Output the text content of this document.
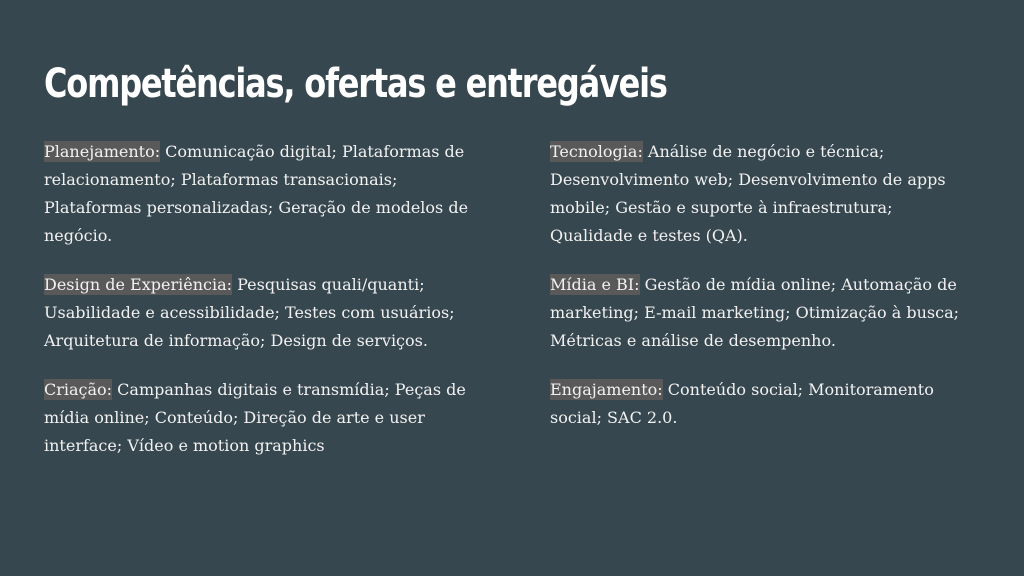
Competências, ofertas e entregáveis

Planejamento: Comunicação digital; Plataformas de relacionamento; Plataformas transacionais; Plataformas personalizadas; Geração de modelos de negócio.

Design de Experiência: Pesquisas quali/quanti; Usabilidade e acessibilidade; Testes com usuários; Arquitetura de informação; Design de serviços.

Criação: Campanhas digitais e transmídia; Peças de mídia online; Conteúdo; Direção de arte e user interface; Vídeo e motion graphics

Tecnologia: Análise de negócio e técnica; Desenvolvimento web; Desenvolvimento de apps mobile; Gestão e suporte à infraestrutura; Qualidade e testes (QA).

Mídia e BI: Gestão de mídia online; Automação de marketing; E-mail marketing; Otimização à busca; Métricas e análise de desempenho.

Engajamento: Conteúdo social; Monitoramento social; SAC 2.0.
